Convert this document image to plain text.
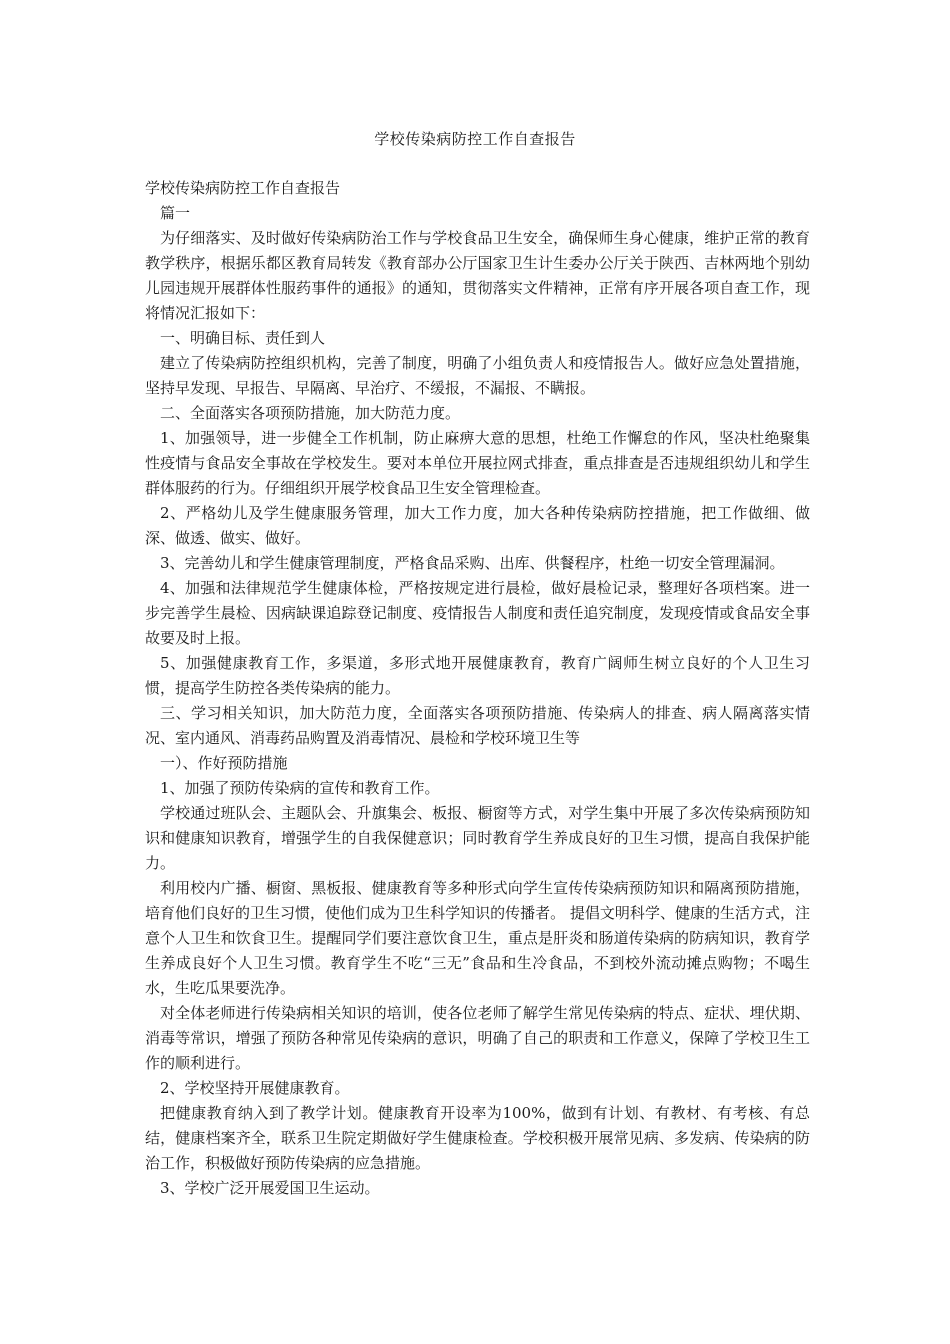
学校传染病防控工作自查报告

学校传染病防控工作自查报告

篇一

为仔细落实、及时做好传染病防治工作与学校食品卫生安全，确保师生身心健康，维护正常的教育教学秩序，根据乐都区教育局转发《教育部办公厅国家卫生计生委办公厅关于陕西、吉林两地个别幼儿园违规开展群体性服药事件的通报》的通知，贯彻落实文件精神，正常有序开展各项自查工作，现将情况汇报如下：

一、明确目标、责任到人

建立了传染病防控组织机构，完善了制度，明确了小组负责人和疫情报告人。做好应急处置措施，坚持早发现、早报告、早隔离、早治疗、不缓报，不漏报、不瞒报。

二、全面落实各项预防措施，加大防范力度。

1、加强领导，进一步健全工作机制，防止麻痹大意的思想，杜绝工作懈怠的作风，坚决杜绝聚集性疫情与食品安全事故在学校发生。要对本单位开展拉网式排查，重点排查是否违规组织幼儿和学生群体服药的行为。仔细组织开展学校食品卫生安全管理检查。

2、严格幼儿及学生健康服务管理，加大工作力度，加大各种传染病防控措施，把工作做细、做深、做透、做实、做好。

3、完善幼儿和学生健康管理制度，严格食品采购、出库、供餐程序，杜绝一切安全管理漏洞。

4、加强和法律规范学生健康体检，严格按规定进行晨检，做好晨检记录，整理好各项档案。进一步完善学生晨检、因病缺课追踪登记制度、疫情报告人制度和责任追究制度，发现疫情或食品安全事故要及时上报。

5、加强健康教育工作，多渠道，多形式地开展健康教育，教育广阔师生树立良好的个人卫生习惯，提高学生防控各类传染病的能力。

三、学习相关知识，加大防范力度，全面落实各项预防措施、传染病人的排查、病人隔离落实情况、室内通风、消毒药品购置及消毒情况、晨检和学校环境卫生等

一）、作好预防措施

1、加强了预防传染病的宣传和教育工作。

学校通过班队会、主题队会、升旗集会、板报、橱窗等方式，对学生集中开展了多次传染病预防知识和健康知识教育，增强学生的自我保健意识；同时教育学生养成良好的卫生习惯，提高自我保护能力。

利用校内广播、橱窗、黑板报、健康教育等多种形式向学生宣传传染病预防知识和隔离预防措施，培育他们良好的卫生习惯，使他们成为卫生科学知识的传播者。 提倡文明科学、健康的生活方式，注意个人卫生和饮食卫生。提醒同学们要注意饮食卫生，重点是肝炎和肠道传染病的防病知识，教育学生养成良好个人卫生习惯。教育学生不吃“三无”食品和生冷食品，不到校外流动摊点购物；不喝生水，生吃瓜果要洗净。

对全体老师进行传染病相关知识的培训，使各位老师了解学生常见传染病的特点、症状、埋伏期、消毒等常识，增强了预防各种常见传染病的意识，明确了自己的职责和工作意义，保障了学校卫生工作的顺利进行。

2、学校坚持开展健康教育。

把健康教育纳入到了教学计划。健康教育开设率为100%，做到有计划、有教材、有考核、有总结，健康档案齐全，联系卫生院定期做好学生健康检查。学校积极开展常见病、多发病、传染病的防治工作，积极做好预防传染病的应急措施。

3、学校广泛开展爱国卫生运动。
